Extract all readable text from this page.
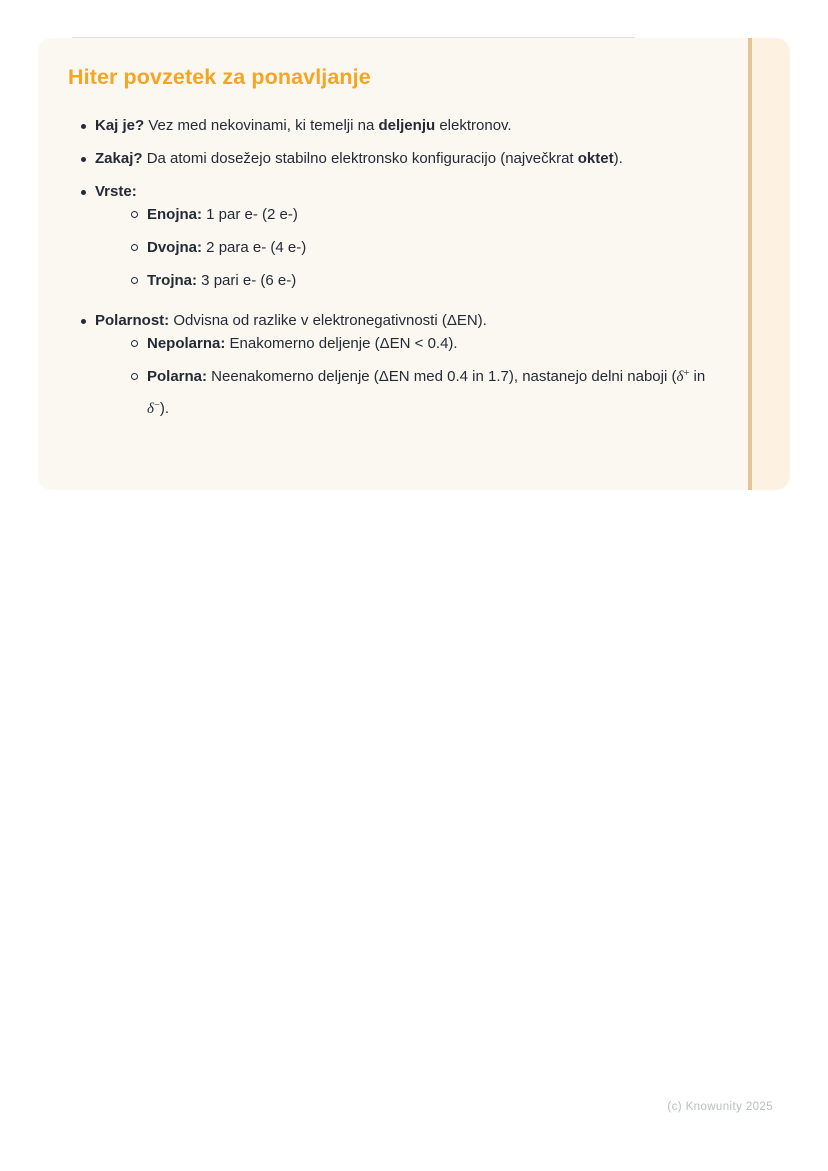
Hiter povzetek za ponavljanje
Kaj je? Vez med nekovinami, ki temelji na deljenju elektronov.
Zakaj? Da atomi dosežejo stabilno elektronsko konfiguracijo (največkrat oktet).
Vrste:
Enojna: 1 par e- (2 e-)
Dvojna: 2 para e- (4 e-)
Trojna: 3 pari e- (6 e-)
Polarnost: Odvisna od razlike v elektronegativnosti (ΔEN).
Nepolarna: Enakomerno deljenje (ΔEN < 0.4).
Polarna: Neenakomerno deljenje (ΔEN med 0.4 in 1.7), nastanejo delni naboji (δ+ in δ−).
(c) Knowunity 2025
